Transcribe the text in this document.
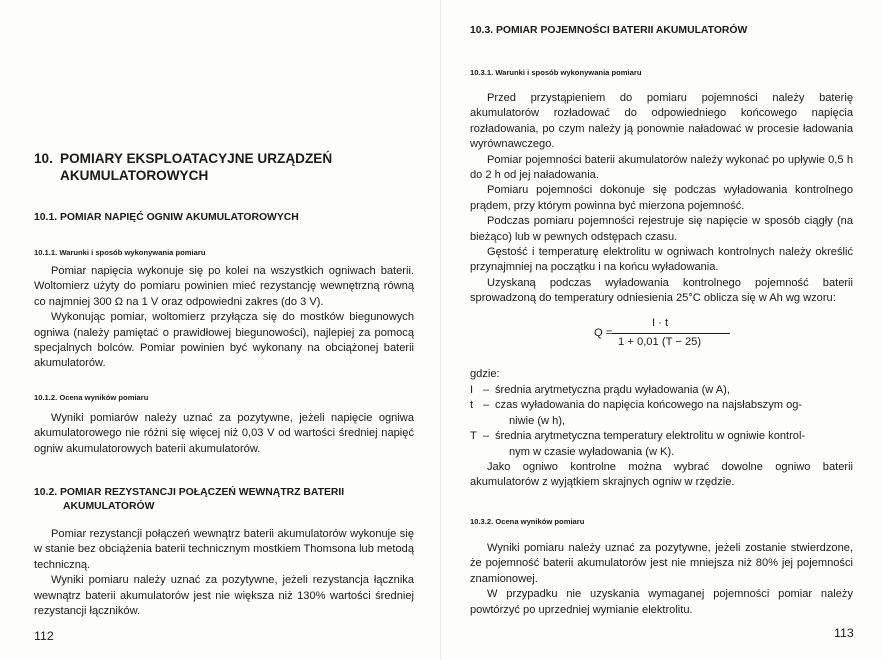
10. POMIARY EKSPLOATACYJNE URZĄDZEŃ
AKUMULATOROWYCH
10.1. POMIAR NAPIĘĆ OGNIW AKUMULATOROWYCH
10.1.1. Warunki i sposób wykonywania pomiaru

Pomiar napięcia wykonuje się po kolei na wszystkich ogniwach baterii. Woltomierz użyty do pomiaru powinien mieć rezystancję wewnętrzną równą co najmniej 300 Ω na 1 V oraz odpowiedni zakres (do 3 V).

Wykonując pomiar, woltomierz przyłącza się do mostków biegunowych ogniwa (należy pamiętać o prawidłowej biegunowości), najlepiej za pomocą specjalnych bolców. Pomiar powinien być wykonany na obciążonej baterii akumulatorów.

10.1.2. Ocena wyników pomiaru

Wyniki pomiarów należy uznać za pozytywne, jeżeli napięcie ogniwa akumulatorowego nie różni się więcej niż 0,03 V od wartości średniej napięć ogniw akumulatorowych baterii akumulatorów.

10.2. POMIAR REZYSTANCJI POŁĄCZEŃ WEWNĄTRZ BATERII
AKUMULATORÓW

Pomiar rezystancji połączeń wewnątrz baterii akumulatorów wykonuje się w stanie bez obciążenia baterii technicznym mostkiem Thomsona lub metodą techniczną.

Wyniki pomiaru należy uznać za pozytywne, jeżeli rezystancja łącznika wewnątrz baterii akumulatorów jest nie większa niż 130% wartości średniej rezystancji łączników.

112
10.3. POMIAR POJEMNOŚCI BATERII AKUMULATORÓW
10.3.1. Warunki i sposób wykonywania pomiaru

Przed przystąpieniem do pomiaru pojemności należy baterię akumulatorów rozładować do odpowiedniego końcowego napięcia rozładowania, po czym należy ją ponownie naładować w procesie ładowania wyrównawczego.

Pomiar pojemności baterii akumulatorów należy wykonać po upływie 0,5 h do 2 h od jej naładowania.

Pomiaru pojemności dokonuje się podczas wyładowania kontrolnego prądem, przy którym powinna być mierzona pojemność.

Podczas pomiaru pojemności rejestruje się napięcie w sposób ciągły (na bieżąco) lub w pewnych odstępach czasu.

Gęstość i temperaturę elektrolitu w ogniwach kontrolnych należy określić przynajmniej na początku i na końcu wyładowania.

Uzyskaną podczas wyładowania kontrolnego pojemność baterii sprowadzoną do temperatury odniesienia 25°C oblicza się w Ah wg wzoru:

Q =
I · t
1 + 0,01 (T − 25)

gdzie:

I – średnia arytmetyczna prądu wyładowania (w A),
t – czas wyładowania do napięcia końcowego na najsłabszym og-
niwie (w h),
T – średnia arytmetyczna temperatury elektrolitu w ogniwie kontrol-
nym w czasie wyładowania (w K).

Jako ogniwo kontrolne można wybrać dowolne ogniwo baterii akumulatorów z wyjątkiem skrajnych ogniw w rzędzie.

10.3.2. Ocena wyników pomiaru

Wyniki pomiaru należy uznać za pozytywne, jeżeli zostanie stwierdzone, że pojemność baterii akumulatorów jest nie mniejsza niż 80% jej pojemności znamionowej.

W przypadku nie uzyskania wymaganej pojemności pomiar należy powtórzyć po uprzedniej wymianie elektrolitu.

113
